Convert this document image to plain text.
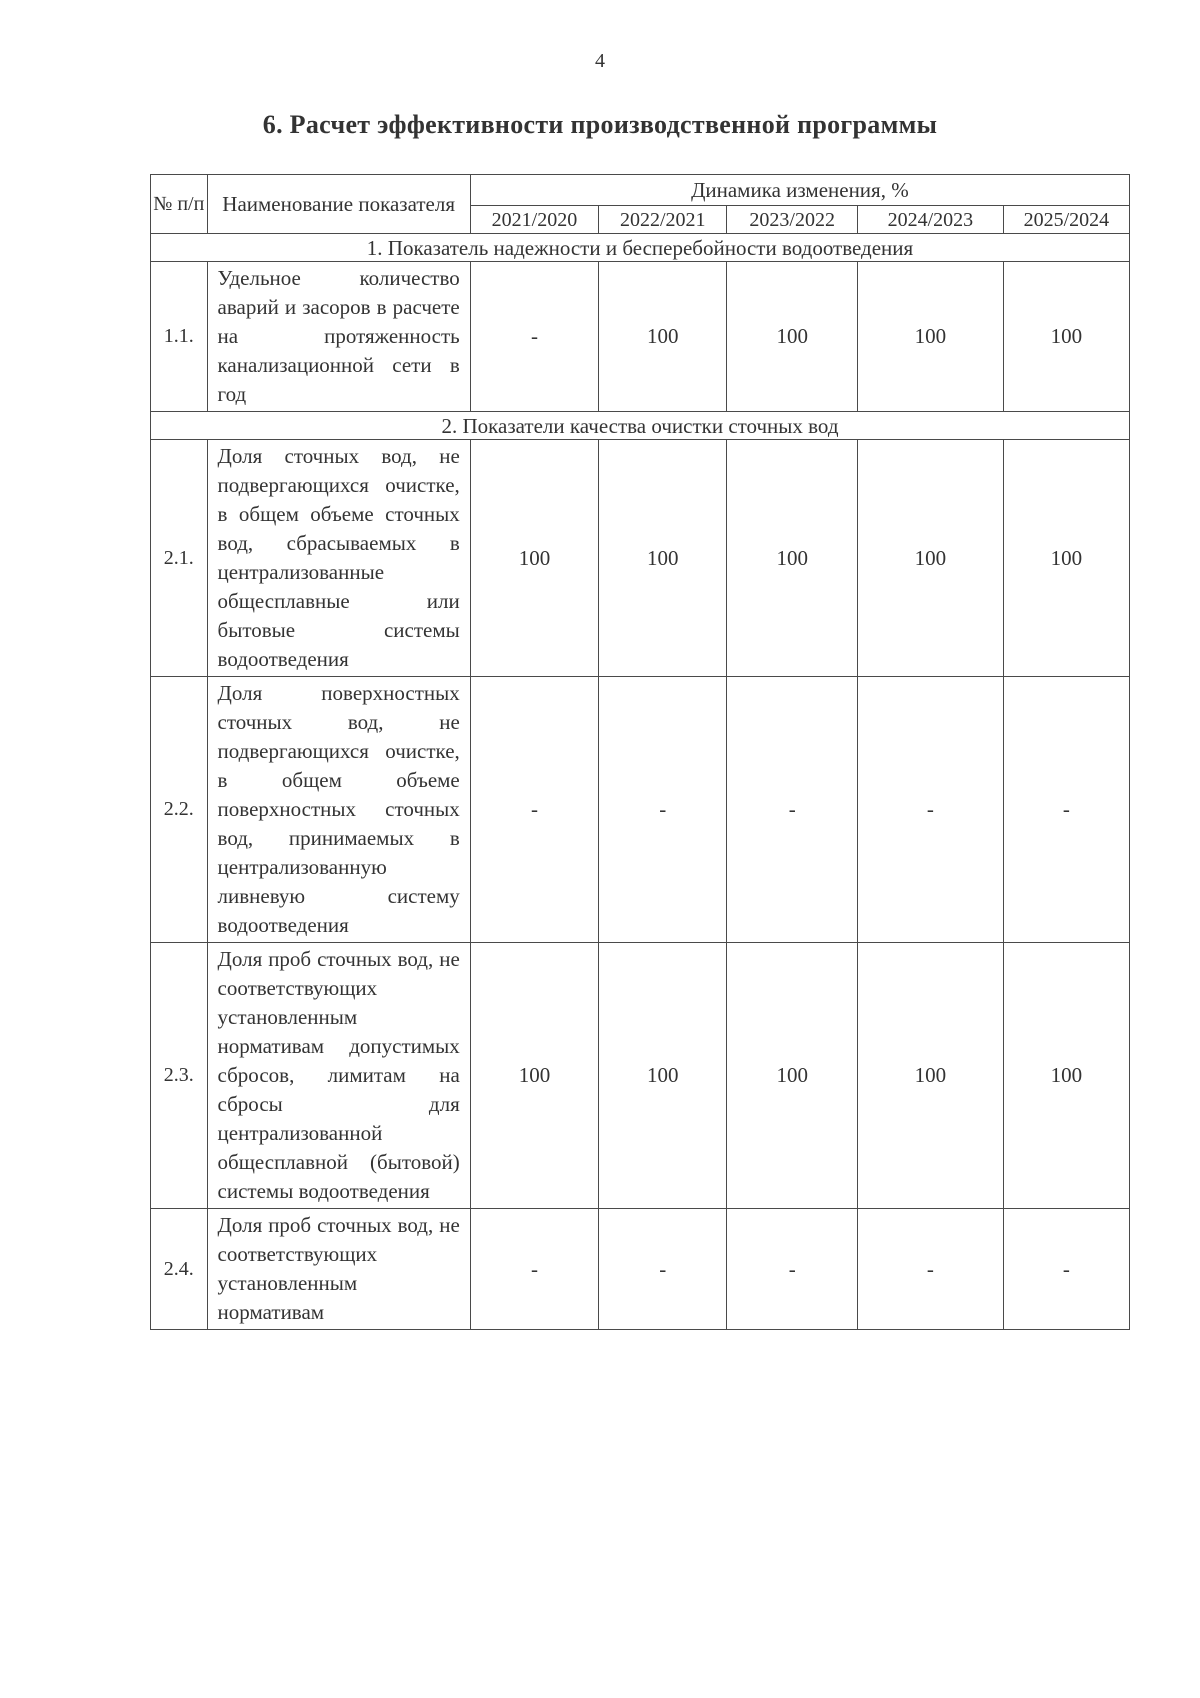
4
6. Расчет эффективности производственной программы
№ п/п	Наименование показателя	Динамика изменения, %				
		2021/2020	2022/2021	2023/2022	2024/2023	2025/2024
1. Показатель надежности и бесперебойности водоотведения						
1.1.	Удельное количество аварий и засоров в расчете на протяженность канализационной сети в год	-	100	100	100	100
2. Показатели качества очистки сточных вод						
2.1.	Доля сточных вод, не подвергающихся очистке, в общем объеме сточных вод, сбрасываемых в централизованные общесплавные или бытовые системы водоотведения	100	100	100	100	100
2.2.	Доля поверхностных сточных вод, не подвергающихся очистке, в общем объеме поверхностных сточных вод, принимаемых в централизованную ливневую систему водоотведения	-	-	-	-	-
2.3.	Доля проб сточных вод, не соответствующих установленным нормативам допустимых сбросов, лимитам на сбросы для централизованной общесплавной (бытовой) системы водоотведения	100	100	100	100	100
2.4.	Доля проб сточных вод, не соответствующих установленным нормативам	-	-	-	-	-
